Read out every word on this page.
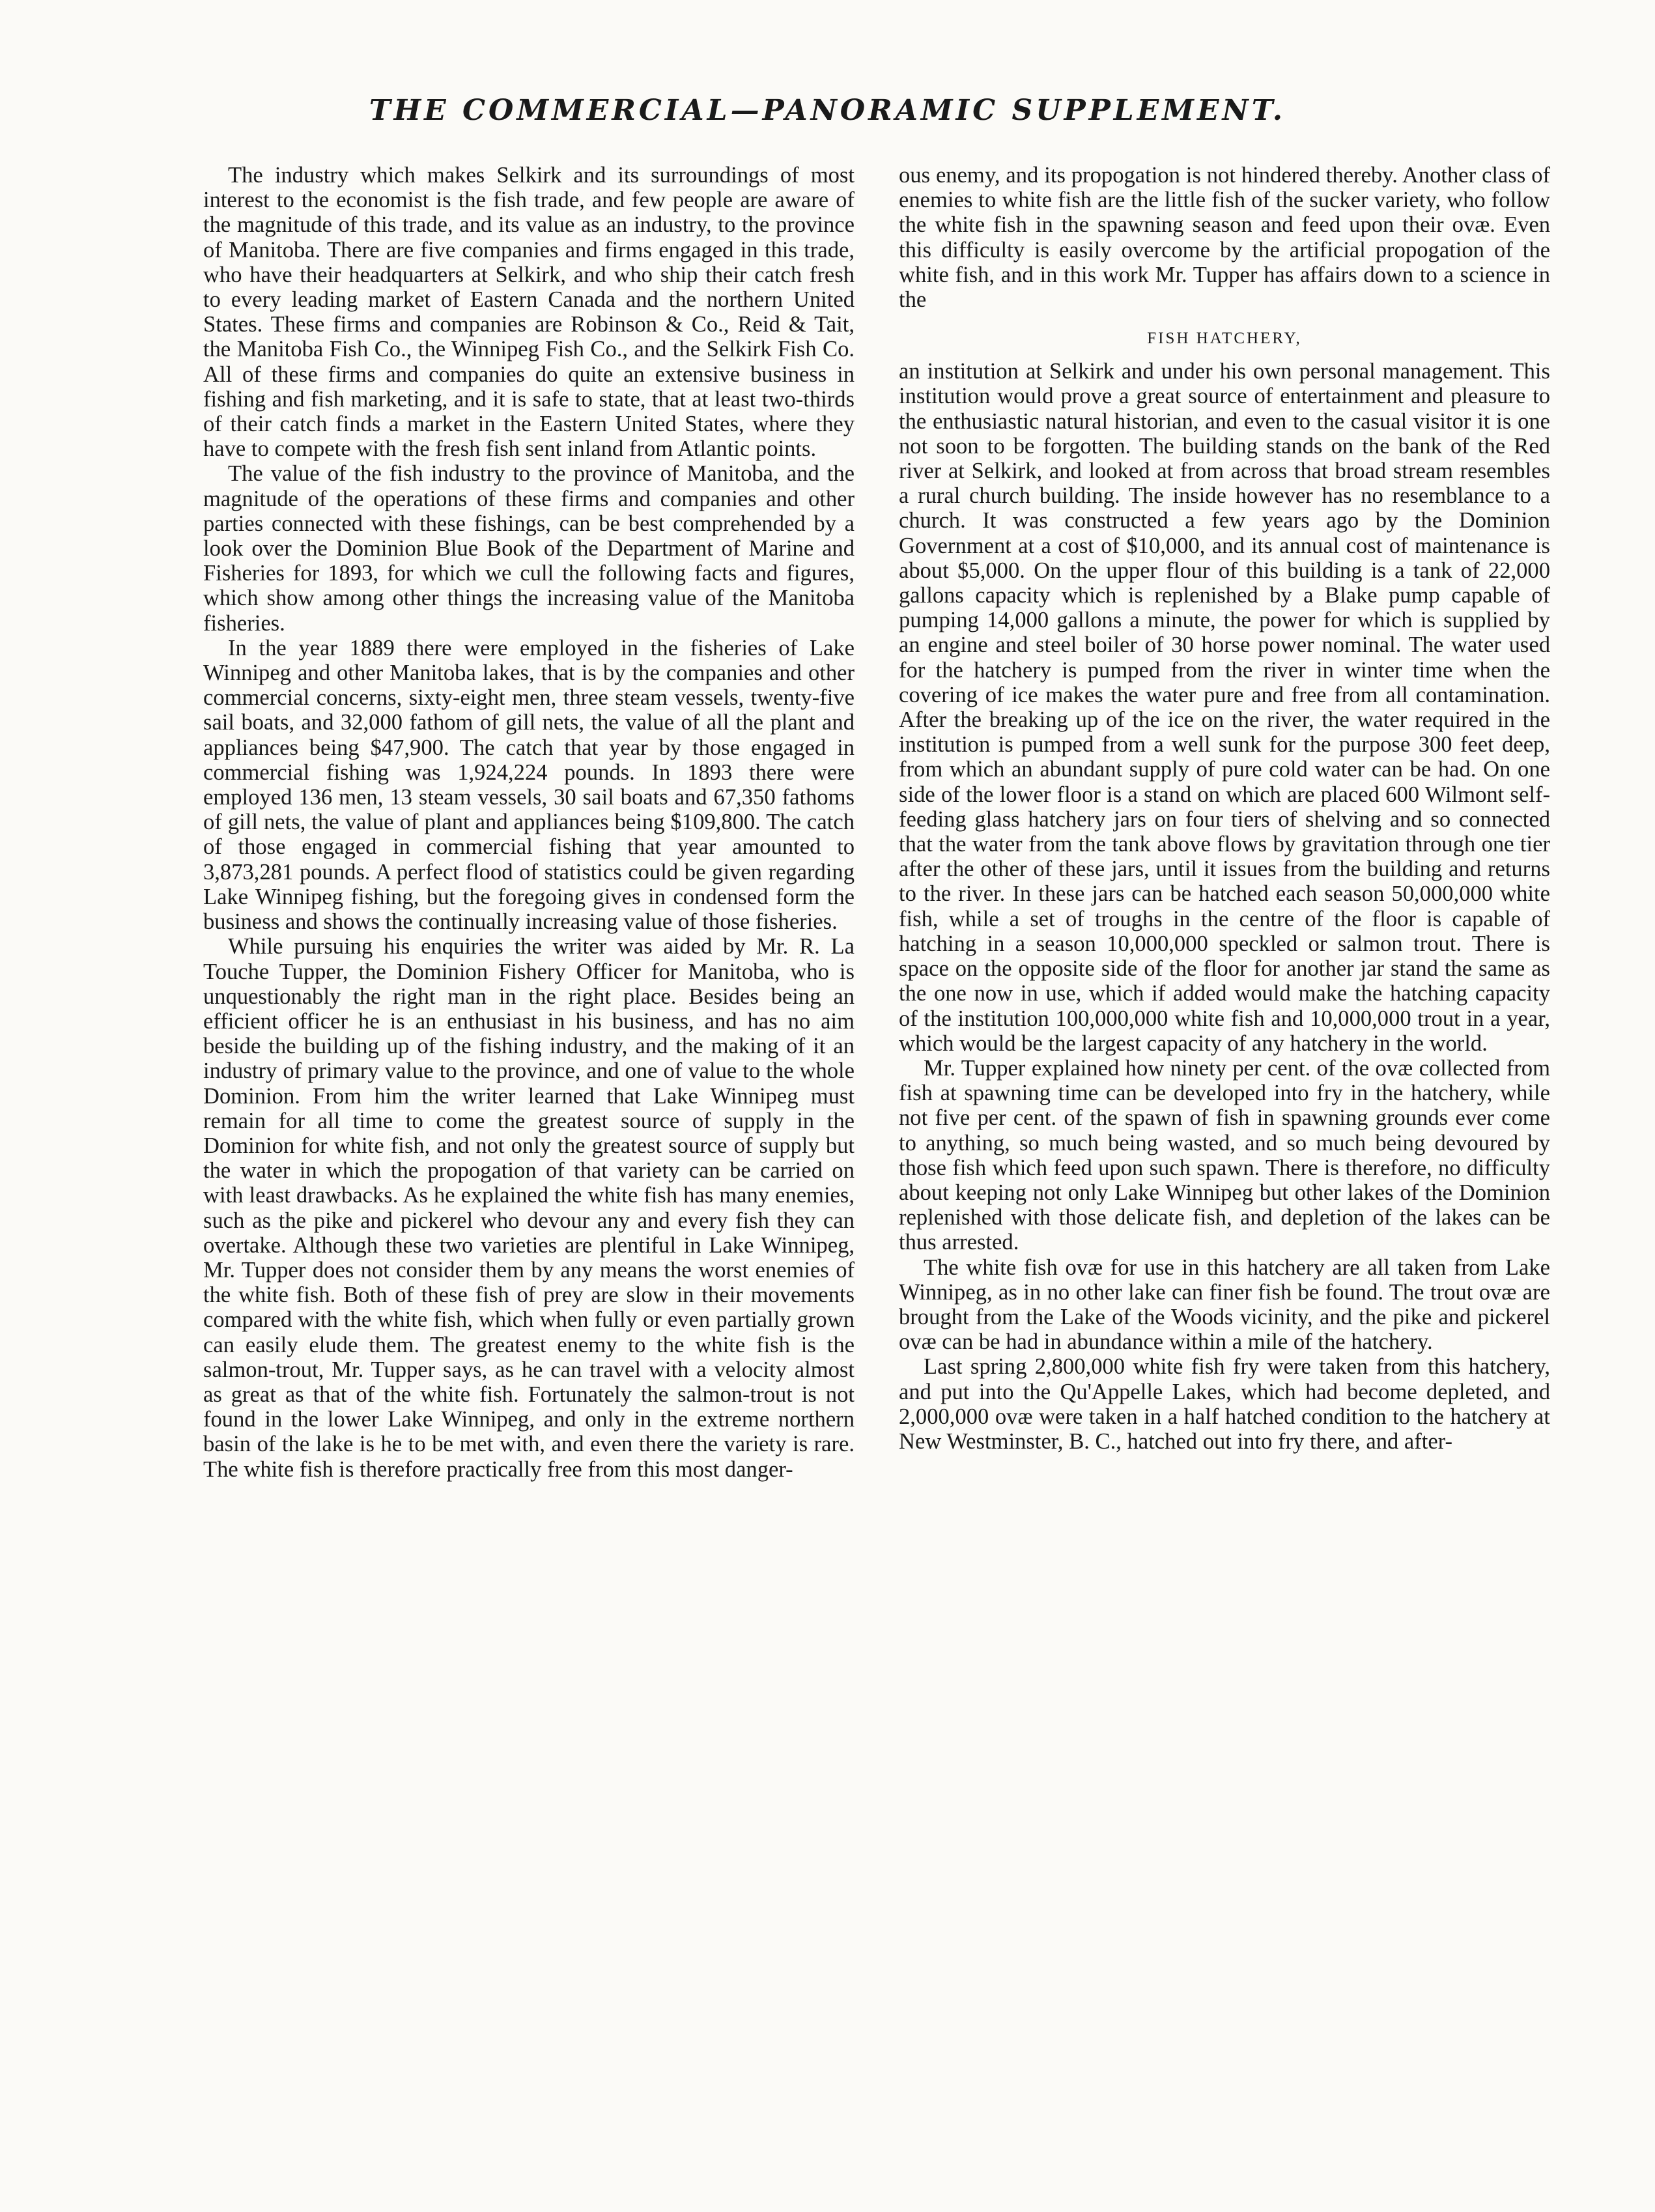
THE COMMERCIAL—PANORAMIC SUPPLEMENT.

The industry which makes Selkirk and its surroundings of most interest to the economist is the fish trade, and few people are aware of the magnitude of this trade, and its value as an industry, to the province of Manitoba. There are five companies and firms engaged in this trade, who have their headquarters at Selkirk, and who ship their catch fresh to every leading market of Eastern Canada and the northern United States. These firms and companies are Robinson & Co., Reid & Tait, the Manitoba Fish Co., the Winnipeg Fish Co., and the Selkirk Fish Co. All of these firms and companies do quite an extensive business in fishing and fish marketing, and it is safe to state, that at least two-thirds of their catch finds a market in the Eastern United States, where they have to compete with the fresh fish sent inland from Atlantic points.

The value of the fish industry to the province of Manitoba, and the magnitude of the operations of these firms and companies and other parties connected with these fishings, can be best comprehended by a look over the Dominion Blue Book of the Department of Marine and Fisheries for 1893, for which we cull the following facts and figures, which show among other things the increasing value of the Manitoba fisheries.

In the year 1889 there were employed in the fisheries of Lake Winnipeg and other Manitoba lakes, that is by the companies and other commercial concerns, sixty-eight men, three steam vessels, twenty-five sail boats, and 32,000 fathom of gill nets, the value of all the plant and appliances being $47,900. The catch that year by those engaged in commercial fishing was 1,924,224 pounds. In 1893 there were employed 136 men, 13 steam vessels, 30 sail boats and 67,350 fathoms of gill nets, the value of plant and appliances being $109,800. The catch of those engaged in commercial fishing that year amounted to 3,873,281 pounds. A perfect flood of statistics could be given regarding Lake Winnipeg fishing, but the foregoing gives in condensed form the business and shows the continually increasing value of those fisheries.

While pursuing his enquiries the writer was aided by Mr. R. La Touche Tupper, the Dominion Fishery Officer for Manitoba, who is unquestionably the right man in the right place. Besides being an efficient officer he is an enthusiast in his business, and has no aim beside the building up of the fishing industry, and the making of it an industry of primary value to the province, and one of value to the whole Dominion. From him the writer learned that Lake Winnipeg must remain for all time to come the greatest source of supply in the Dominion for white fish, and not only the greatest source of supply but the water in which the propogation of that variety can be carried on with least drawbacks. As he explained the white fish has many enemies, such as the pike and pickerel who devour any and every fish they can overtake. Although these two varieties are plentiful in Lake Winnipeg, Mr. Tupper does not consider them by any means the worst enemies of the white fish. Both of these fish of prey are slow in their movements compared with the white fish, which when fully or even partially grown can easily elude them. The greatest enemy to the white fish is the salmon-trout, Mr. Tupper says, as he can travel with a velocity almost as great as that of the white fish. Fortunately the salmon-trout is not found in the lower Lake Winnipeg, and only in the extreme northern basin of the lake is he to be met with, and even there the variety is rare. The white fish is therefore practically free from this most danger-

ous enemy, and its propogation is not hindered thereby. Another class of enemies to white fish are the little fish of the sucker variety, who follow the white fish in the spawning season and feed upon their ovæ. Even this difficulty is easily overcome by the artificial propogation of the white fish, and in this work Mr. Tupper has affairs down to a science in the

FISH HATCHERY,

an institution at Selkirk and under his own personal management. This institution would prove a great source of entertainment and pleasure to the enthusiastic natural historian, and even to the casual visitor it is one not soon to be forgotten. The building stands on the bank of the Red river at Selkirk, and looked at from across that broad stream resembles a rural church building. The inside however has no resemblance to a church. It was constructed a few years ago by the Dominion Government at a cost of $10,000, and its annual cost of maintenance is about $5,000. On the upper flour of this building is a tank of 22,000 gallons capacity which is replenished by a Blake pump capable of pumping 14,000 gallons a minute, the power for which is supplied by an engine and steel boiler of 30 horse power nominal. The water used for the hatchery is pumped from the river in winter time when the covering of ice makes the water pure and free from all contamination. After the breaking up of the ice on the river, the water required in the institution is pumped from a well sunk for the purpose 300 feet deep, from which an abundant supply of pure cold water can be had. On one side of the lower floor is a stand on which are placed 600 Wilmont self-feeding glass hatchery jars on four tiers of shelving and so connected that the water from the tank above flows by gravitation through one tier after the other of these jars, until it issues from the building and returns to the river. In these jars can be hatched each season 50,000,000 white fish, while a set of troughs in the centre of the floor is capable of hatching in a season 10,000,000 speckled or salmon trout. There is space on the opposite side of the floor for another jar stand the same as the one now in use, which if added would make the hatching capacity of the institution 100,000,000 white fish and 10,000,000 trout in a year, which would be the largest capacity of any hatchery in the world.

Mr. Tupper explained how ninety per cent. of the ovæ collected from fish at spawning time can be developed into fry in the hatchery, while not five per cent. of the spawn of fish in spawning grounds ever come to anything, so much being wasted, and so much being devoured by those fish which feed upon such spawn. There is therefore, no difficulty about keeping not only Lake Winnipeg but other lakes of the Dominion replenished with those delicate fish, and depletion of the lakes can be thus arrested.

The white fish ovæ for use in this hatchery are all taken from Lake Winnipeg, as in no other lake can finer fish be found. The trout ovæ are brought from the Lake of the Woods vicinity, and the pike and pickerel ovæ can be had in abundance within a mile of the hatchery.

Last spring 2,800,000 white fish fry were taken from this hatchery, and put into the Qu'Appelle Lakes, which had become depleted, and 2,000,000 ovæ were taken in a half hatched condition to the hatchery at New Westminster, B. C., hatched out into fry there, and after-
